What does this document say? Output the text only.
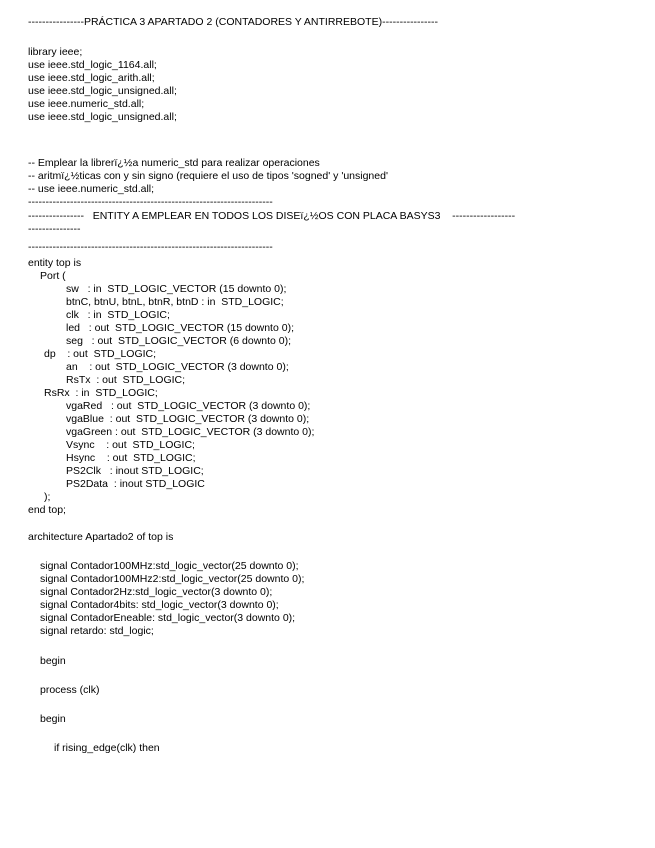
----------------PRÁCTICA 3 APARTADO 2 (CONTADORES Y ANTIRREBOTE)----------------
library ieee;
use ieee.std_logic_1164.all;
use ieee.std_logic_arith.all;
use ieee.std_logic_unsigned.all;
use ieee.numeric_std.all;
use ieee.std_logic_unsigned.all;
-- Emplear la librerï¿½a numeric_std para realizar operaciones
-- aritmï¿½ticas con y sin signo (requiere el uso de tipos 'sogned' y 'unsigned'
-- use ieee.numeric_std.all;
----------------------------------------------------------------------
----------------   ENTITY A EMPLEAR EN TODOS LOS DISEï¿½OS CON PLACA BASYS3    ------------------
---------------
----------------------------------------------------------------------
entity top is
Port (
sw   : in  STD_LOGIC_VECTOR (15 downto 0);
btnC, btnU, btnL, btnR, btnD : in  STD_LOGIC;
clk   : in  STD_LOGIC;
led   : out  STD_LOGIC_VECTOR (15 downto 0);
seg   : out  STD_LOGIC_VECTOR (6 downto 0);
dp    : out  STD_LOGIC;
an    : out  STD_LOGIC_VECTOR (3 downto 0);
RsTx  : out  STD_LOGIC;
RsRx  : in  STD_LOGIC;
vgaRed   : out  STD_LOGIC_VECTOR (3 downto 0);
vgaBlue  : out  STD_LOGIC_VECTOR (3 downto 0);
vgaGreen : out  STD_LOGIC_VECTOR (3 downto 0);
Vsync    : out  STD_LOGIC;
Hsync    : out  STD_LOGIC;
PS2Clk   : inout STD_LOGIC;
PS2Data  : inout STD_LOGIC
);
end top;
architecture Apartado2 of top is
signal Contador100MHz:std_logic_vector(25 downto 0);
signal Contador100MHz2:std_logic_vector(25 downto 0);
signal Contador2Hz:std_logic_vector(3 downto 0);
signal Contador4bits: std_logic_vector(3 downto 0);
signal ContadorEneable: std_logic_vector(3 downto 0);
signal retardo: std_logic;
begin
process (clk)
begin
if rising_edge(clk) then
